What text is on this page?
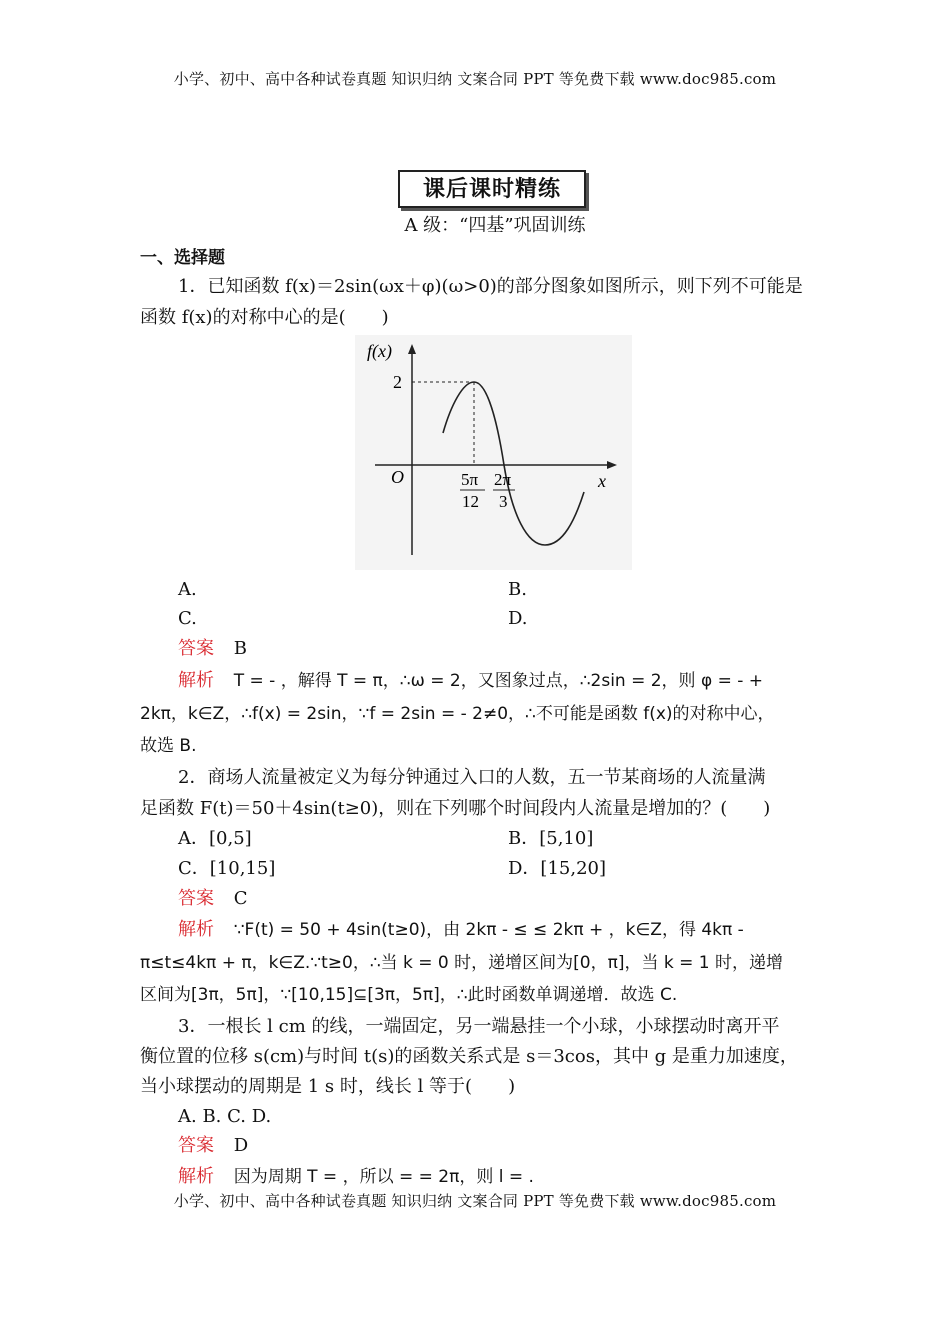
小学、初中、高中各种试卷真题 知识归纳 文案合同 PPT 等免费下载 www.doc985.com
课后课时精练
A 级：“四基”巩固训练
一、选择题
1．已知函数 f(x)＝2sin(ωx＋φ)(ω>0)的部分图象如图所示，则下列不可能是
函数 f(x)的对称中心的是(　　)
f(x)
2
O	x
5π
12
2π
3
A.	B.
C.	D.
答案 B
解析 T = - ，解得 T = π，∴ω = 2，又图象过点，∴2sin = 2，则 φ = - +
2kπ，k∈Z，∴f(x) = 2sin，∵f = 2sin = - 2≠0，∴不可能是函数 f(x)的对称中心，
故选 B.
2．商场人流量被定义为每分钟通过入口的人数，五一节某商场的人流量满
足函数 F(t)＝50＋4sin(t≥0)，则在下列哪个时间段内人流量是增加的？(　　)
A．[0,5]	B．[5,10]
C．[10,15]	D．[15,20]
答案 C
解析 ∵F(t) = 50 + 4sin(t≥0)，由 2kπ - ≤ ≤ 2kπ + ，k∈Z，得 4kπ -
π≤t≤4kπ + π，k∈Z.∵t≥0，∴当 k = 0 时，递增区间为[0，π]，当 k = 1 时，递增
区间为[3π，5π]，∵[10,15]⊆[3π，5π]，∴此时函数单调递增．故选 C.
3．一根长 l cm 的线，一端固定，另一端悬挂一个小球，小球摆动时离开平
衡位置的位移 s(cm)与时间 t(s)的函数关系式是 s＝3cos，其中 g 是重力加速度，
当小球摆动的周期是 1 s 时，线长 l 等于(　　)
A. B. C. D.
答案 D
解析 因为周期 T = ，所以 = = 2π，则 l = .
小学、初中、高中各种试卷真题 知识归纳 文案合同 PPT 等免费下载 www.doc985.com
